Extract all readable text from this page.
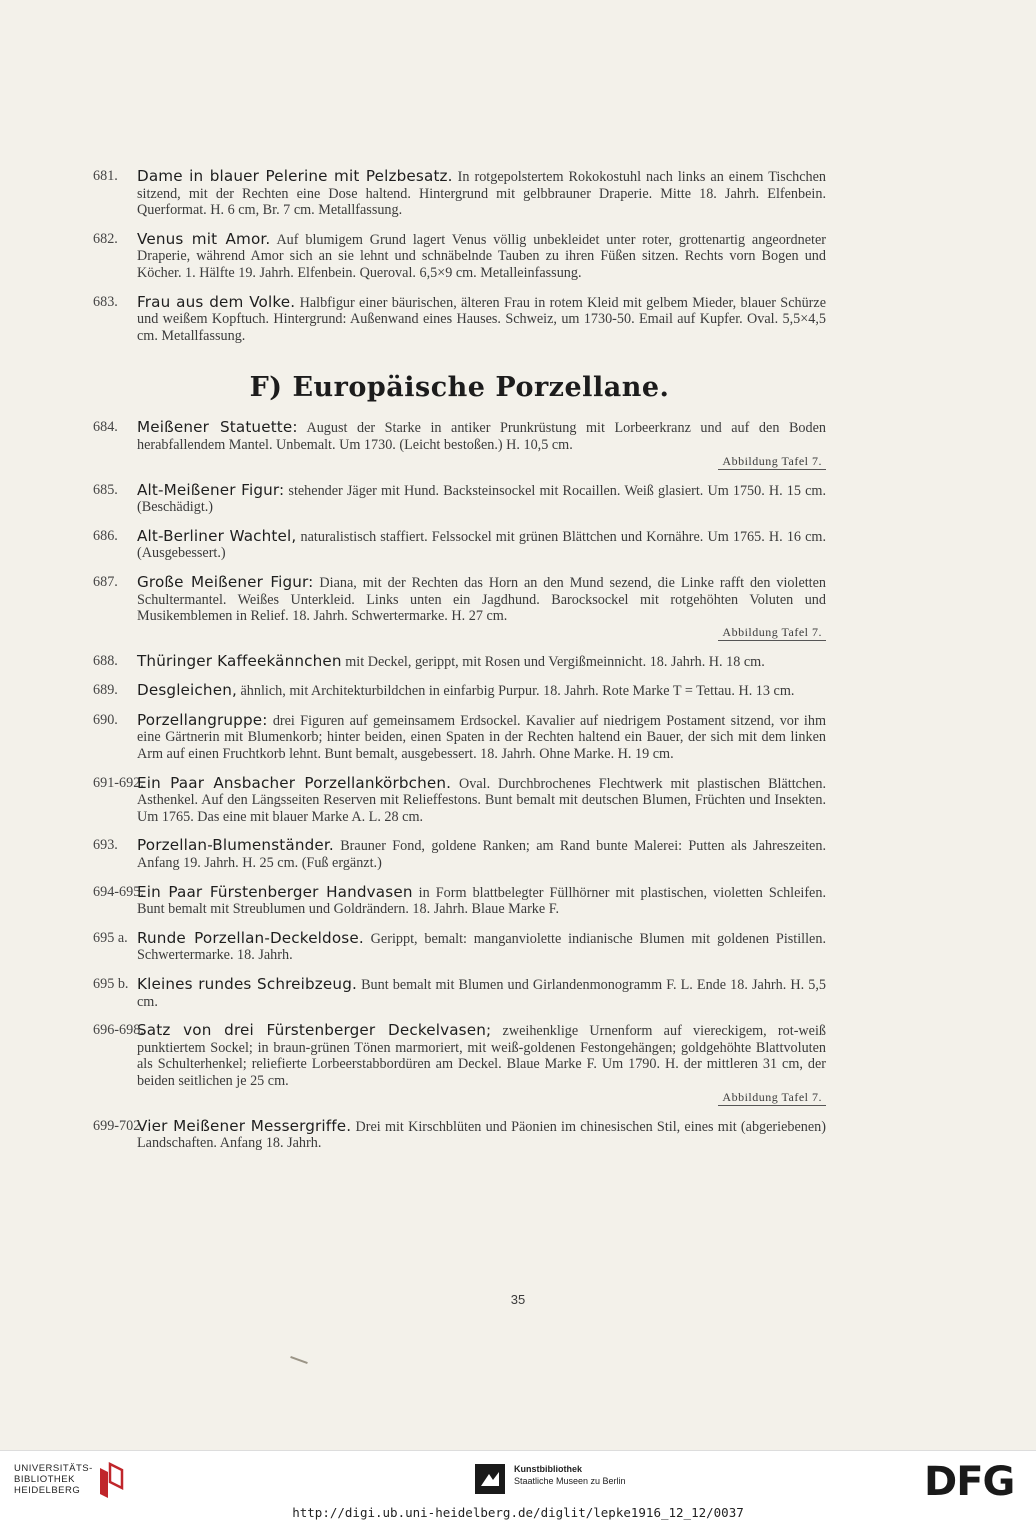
681. Dame in blauer Pelerine mit Pelzbesatz. In rotgepolstertem Rokokostuhl nach links an einem Tischchen sitzend, mit der Rechten eine Dose haltend. Hintergrund mit gelbbrauner Draperie. Mitte 18. Jahrh. Elfenbein. Querformat. H. 6 cm, Br. 7 cm. Metallfassung.
682. Venus mit Amor. Auf blumigem Grund lagert Venus völlig unbekleidet unter roter, grottenartig angeordneter Draperie, während Amor sich an sie lehnt und schnäbelnde Tauben zu ihren Füßen sitzen. Rechts vorn Bogen und Köcher. 1. Hälfte 19. Jahrh. Elfenbein. Queroval. 6,5×9 cm. Metalleinfassung.
683. Frau aus dem Volke. Halbfigur einer bäurischen, älteren Frau in rotem Kleid mit gelbem Mieder, blauer Schürze und weißem Kopftuch. Hintergrund: Außenwand eines Hauses. Schweiz, um 1730-50. Email auf Kupfer. Oval. 5,5×4,5 cm. Metallfassung.
F) Europäische Porzellane.
684. Meißener Statuette: August der Starke in antiker Prunkrüstung mit Lorbeerkranz und auf den Boden herabfallendem Mantel. Unbemalt. Um 1730. (Leicht bestoßen.) H. 10,5 cm.
Abbildung Tafel 7.
685. Alt-Meißener Figur: stehender Jäger mit Hund. Backsteinsockel mit Rocaillen. Weiß glasiert. Um 1750. H. 15 cm. (Beschädigt.)
686. Alt-Berliner Wachtel, naturalistisch staffiert. Felssockel mit grünen Blättchen und Kornähre. Um 1765. H. 16 cm. (Ausgebessert.)
687. Große Meißener Figur: Diana, mit der Rechten das Horn an den Mund sezend, die Linke rafft den violetten Schultermantel. Weißes Unterkleid. Links unten ein Jagdhund. Barocksockel mit rotgehöhten Voluten und Musikemblemen in Relief. 18. Jahrh. Schwertermarke. H. 27 cm.
Abbildung Tafel 7.
688. Thüringer Kaffeekännchen mit Deckel, gerippt, mit Rosen und Vergißmeinnicht. 18. Jahrh. H. 18 cm.
689. Desgleichen, ähnlich, mit Architekturbildchen in einfarbig Purpur. 18. Jahrh. Rote Marke T = Tettau. H. 13 cm.
690. Porzellangruppe: drei Figuren auf gemeinsamem Erdsockel. Kavalier auf niedrigem Postament sitzend, vor ihm eine Gärtnerin mit Blumenkorb; hinter beiden, einen Spaten in der Rechten haltend ein Bauer, der sich mit dem linken Arm auf einen Fruchtkorb lehnt. Bunt bemalt, ausgebessert. 18. Jahrh. Ohne Marke. H. 19 cm.
691-692.
Ein Paar Ansbacher Porzellankörbchen. Oval. Durchbrochenes Flechtwerk mit plastischen Blättchen. Asthenkel. Auf den Längsseiten Reserven mit Relieffestons. Bunt bemalt mit deutschen Blumen, Früchten und Insekten. Um 1765. Das eine mit blauer Marke A. L. 28 cm.
693. Porzellan-Blumenständer. Brauner Fond, goldene Ranken; am Rand bunte Malerei: Putten als Jahreszeiten. Anfang 19. Jahrh. H. 25 cm. (Fuß ergänzt.)
694-695.
Ein Paar Fürstenberger Handvasen in Form blattbelegter Füllhörner mit plastischen, violetten Schleifen. Bunt bemalt mit Streublumen und Goldrändern. 18. Jahrh. Blaue Marke F.
695 a. Runde Porzellan-Deckeldose. Gerippt, bemalt: manganviolette indianische Blumen mit goldenen Pistillen. Schwertermarke. 18. Jahrh.
695 b. Kleines rundes Schreibzeug. Bunt bemalt mit Blumen und Girlandenmonogramm F. L. Ende 18. Jahrh. H. 5,5 cm.
696-698.
Satz von drei Fürstenberger Deckelvasen; zweihenklige Urnenform auf viereckigem, rot-weiß punktiertem Sockel; in braun-grünen Tönen marmoriert, mit weiß-goldenen Festongehängen; goldgehöhte Blattvoluten als Schulterhenkel; reliefierte Lorbeerstabbordüren am Deckel. Blaue Marke F. Um 1790. H. der mittleren 31 cm, der beiden seitlichen je 25 cm.
Abbildung Tafel 7.
699-702.
Vier Meißener Messergriffe. Drei mit Kirschblüten und Päonien im chinesischen Stil, eines mit (abgeriebenen) Landschaften. Anfang 18. Jahrh.
35
UNIVERSITÄTS-
BIBLIOTHEK
HEIDELBERG
Kunstbibliothek
Staatliche Museen zu Berlin	DFG
http://digi.ub.uni-heidelberg.de/diglit/lepke1916_12_12/0037
